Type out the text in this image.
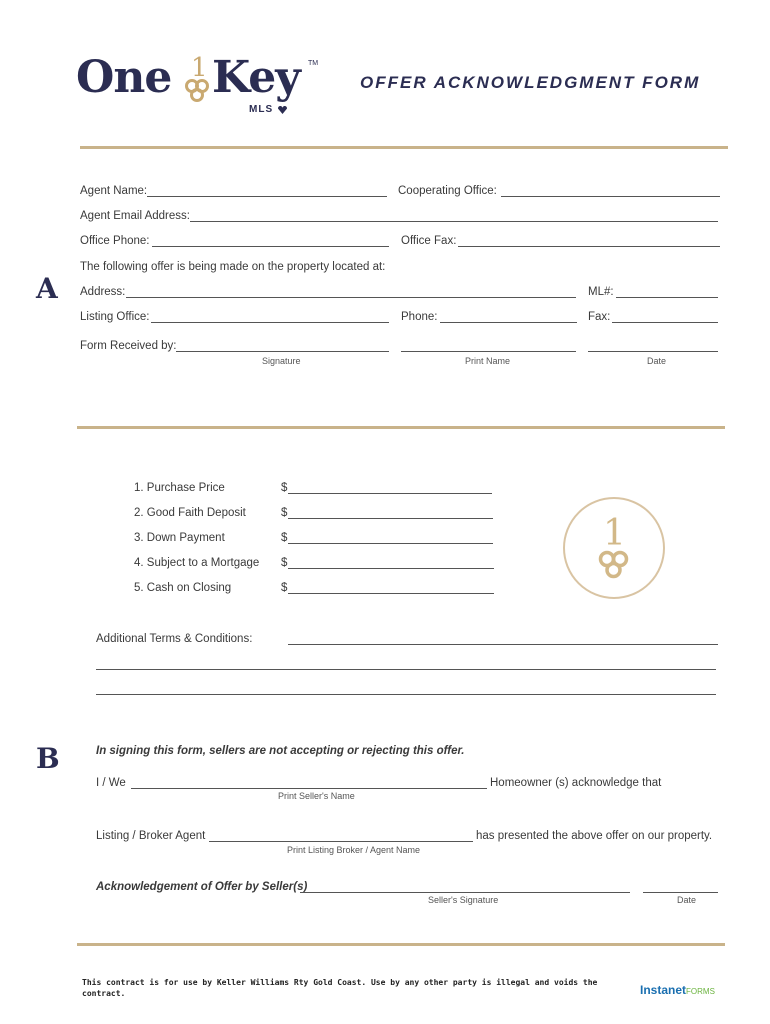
One 1 Key TM
MLS
OFFER ACKNOWLEDGMENT FORM
A
Agent Name:	Cooperating Office:
Agent Email Address:
Office Phone:	Office Fax:
The following offer is being made on the property located at:
Address:	ML#:
Listing Office:	Phone:	Fax:
Form Received by:
Signature	Print Name	Date
1. Purchase Price	$
2. Good Faith Deposit	$
3. Down Payment	$
4. Subject to a Mortgage $
5. Cash on Closing	$
1
Additional Terms & Conditions:
B	In signing this form, sellers are not accepting or rejecting this offer.
I / We	Homeowner (s) acknowledge that
Print Seller's Name
Listing / Broker Agent	has presented the above offer on our property.
Print Listing Broker / Agent Name
Acknowledgement of Offer by Seller(s)
Seller's Signature	Date
This contract is for use by Keller Williams Rty Gold Coast. Use by any other party is illegal and voids the contract.	InstanetFORMS
